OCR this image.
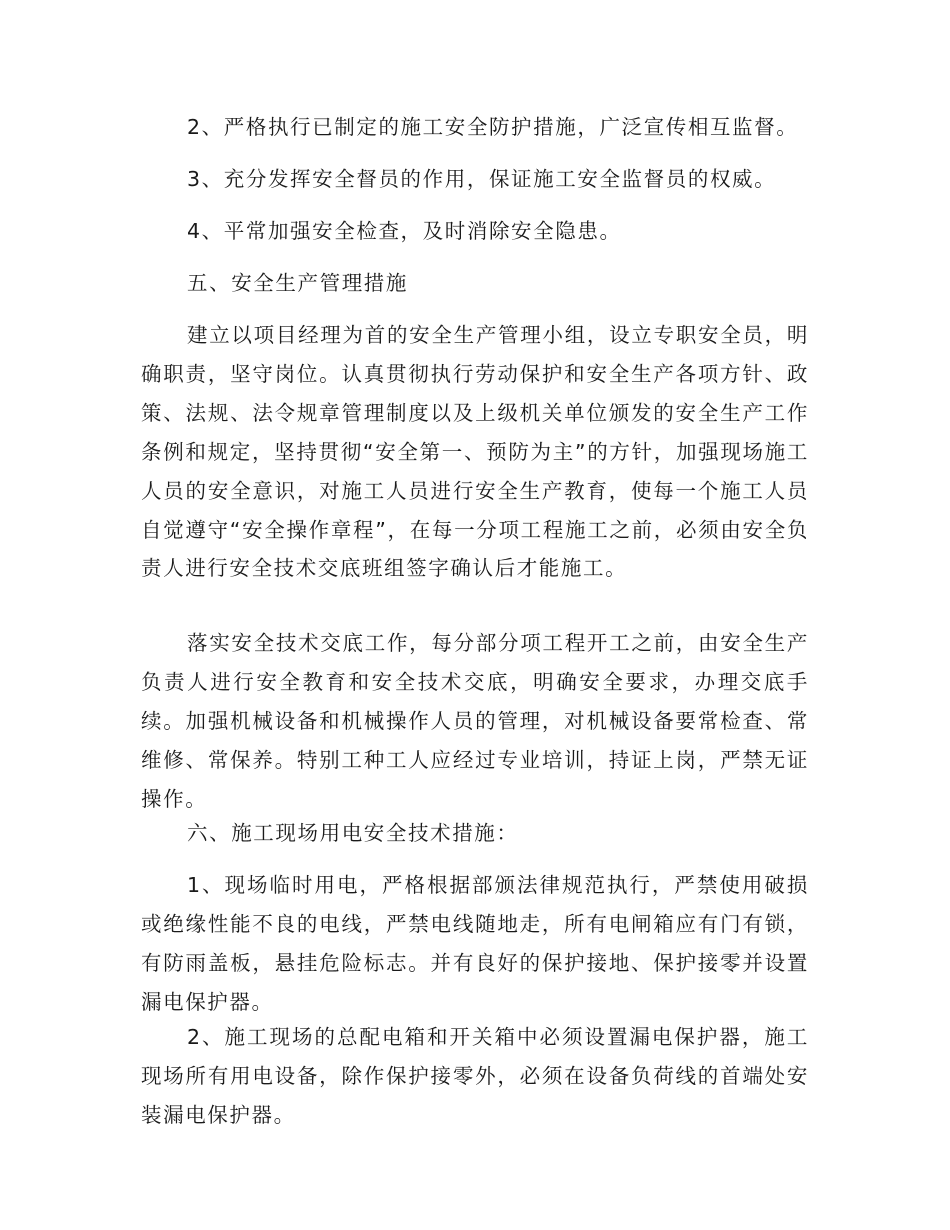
2、严格执行已制定的施工安全防护措施，广泛宣传相互监督。

3、充分发挥安全督员的作用，保证施工安全监督员的权威。

4、平常加强安全检查，及时消除安全隐患。

五、安全生产管理措施

建立以项目经理为首的安全生产管理小组，设立专职安全员，明确职责，坚守岗位。认真贯彻执行劳动保护和安全生产各项方针、政策、法规、法令规章管理制度以及上级机关单位颁发的安全生产工作条例和规定，坚持贯彻“安全第一、预防为主”的方针，加强现场施工人员的安全意识，对施工人员进行安全生产教育，使每一个施工人员自觉遵守“安全操作章程”，在每一分项工程施工之前，必须由安全负责人进行安全技术交底班组签字确认后才能施工。

落实安全技术交底工作，每分部分项工程开工之前，由安全生产负责人进行安全教育和安全技术交底，明确安全要求，办理交底手续。加强机械设备和机械操作人员的管理，对机械设备要常检查、常维修、常保养。特别工种工人应经过专业培训，持证上岗，严禁无证操作。

六、施工现场用电安全技术措施：

1、现场临时用电，严格根据部颁法律规范执行，严禁使用破损或绝缘性能不良的电线，严禁电线随地走，所有电闸箱应有门有锁，有防雨盖板，悬挂危险标志。并有良好的保护接地、保护接零并设置漏电保护器。

2、施工现场的总配电箱和开关箱中必须设置漏电保护器，施工现场所有用电设备，除作保护接零外，必须在设备负荷线的首端处安装漏电保护器。
